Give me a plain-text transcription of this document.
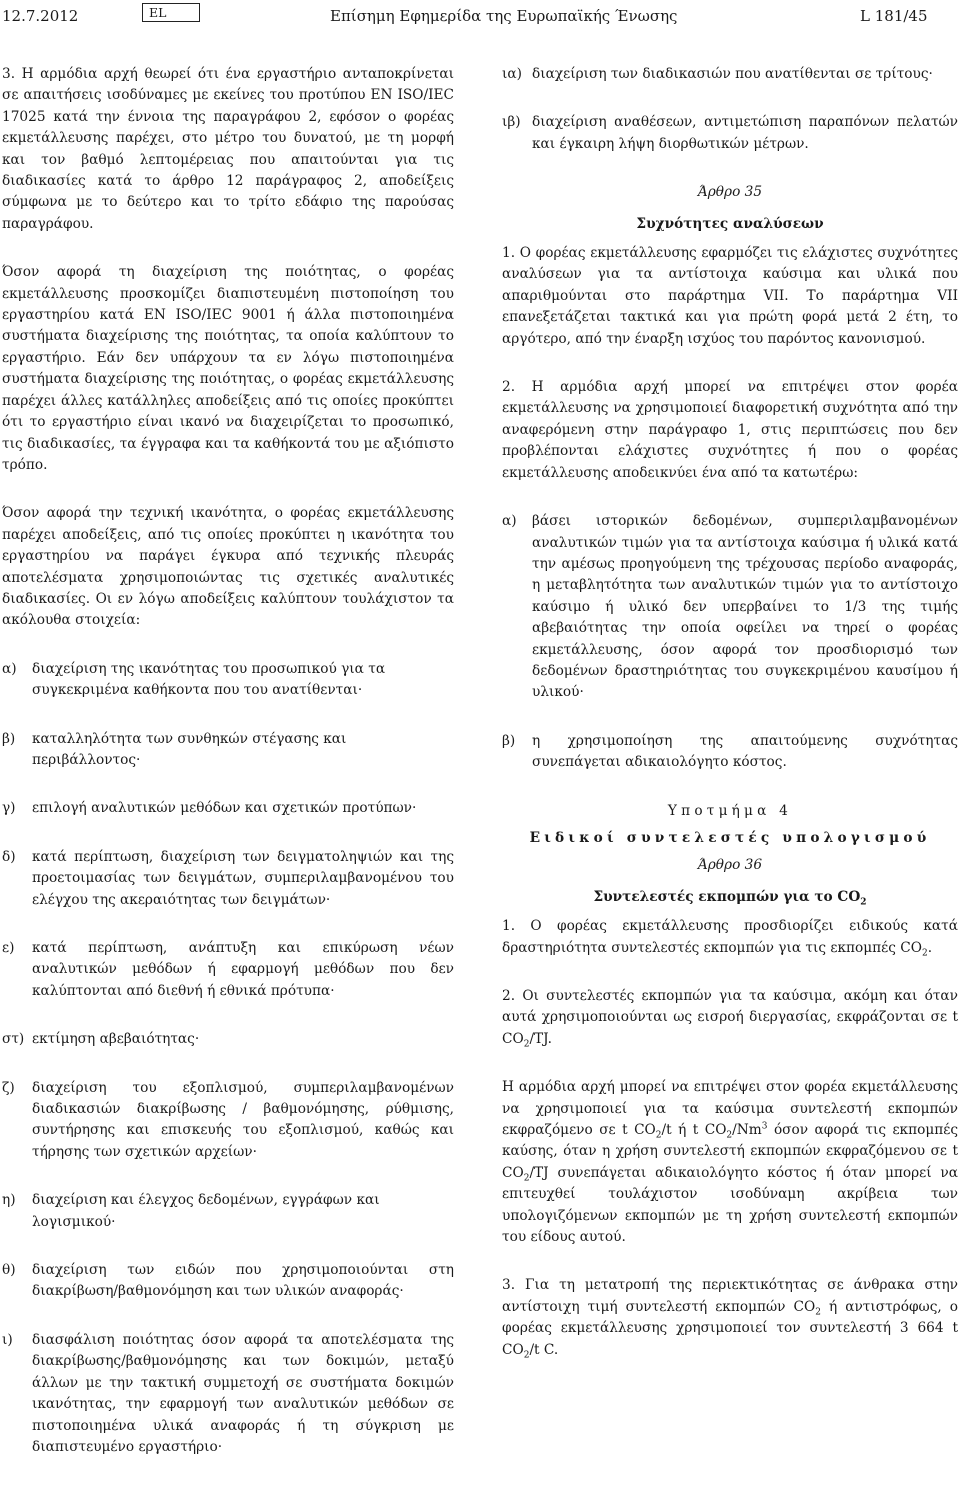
12.7.2012	EL	Επίσημη Εφημερίδα της Ευρωπαϊκής Ένωσης	L 181/45

3. Η αρμόδια αρχή θεωρεί ότι ένα εργαστήριο ανταποκρίνεται σε απαιτήσεις ισοδύναμες με εκείνες του προτύπου EN ISO/IEC 17025 κατά την έννοια της παραγράφου 2, εφόσον ο φορέας εκμετάλλευσης παρέχει, στο μέτρο του δυνατού, με τη μορφή και τον βαθμό λεπτομέρειας που απαιτούνται για τις διαδικασίες κατά το άρθρο 12 παράγραφος 2, αποδείξεις σύμφωνα με το δεύτερο και το τρίτο εδάφιο της παρούσας παραγράφου.

Όσον αφορά τη διαχείριση της ποιότητας, ο φορέας εκμετάλλευσης προσκομίζει διαπιστευμένη πιστοποίηση του εργαστηρίου κατά EN ISO/IEC 9001 ή άλλα πιστοποιημένα συστήματα διαχείρισης της ποιότητας, τα οποία καλύπτουν το εργαστήριο. Εάν δεν υπάρχουν τα εν λόγω πιστοποιημένα συστήματα διαχείρισης της ποιότητας, ο φορέας εκμετάλλευσης παρέχει άλλες κατάλληλες αποδείξεις από τις οποίες προκύπτει ότι το εργαστήριο είναι ικανό να διαχειρίζεται το προσωπικό, τις διαδικασίες, τα έγγραφα και τα καθήκοντά του με αξιόπιστο τρόπο.

Όσον αφορά την τεχνική ικανότητα, ο φορέας εκμετάλλευσης παρέχει αποδείξεις, από τις οποίες προκύπτει η ικανότητα του εργαστηρίου να παράγει έγκυρα από τεχνικής πλευράς αποτελέσματα χρησιμοποιώντας τις σχετικές αναλυτικές διαδικασίες. Οι εν λόγω αποδείξεις καλύπτουν τουλάχιστον τα ακόλουθα στοιχεία:

α)	διαχείριση της ικανότητας του προσωπικού για τα συγκεκριμένα καθήκοντα που του ανατίθενται·
β)	καταλληλότητα των συνθηκών στέγασης και περιβάλλοντος·
γ)	επιλογή αναλυτικών μεθόδων και σχετικών προτύπων·
δ)	κατά περίπτωση, διαχείριση των δειγματοληψιών και της προετοιμασίας των δειγμάτων, συμπεριλαμβανομένου του ελέγχου της ακεραιότητας των δειγμάτων·
ε)	κατά περίπτωση, ανάπτυξη και επικύρωση νέων αναλυτικών μεθόδων ή εφαρμογή μεθόδων που δεν καλύπτονται από διεθνή ή εθνικά πρότυπα·
στ) εκτίμηση αβεβαιότητας·
ζ)	διαχείριση του εξοπλισμού, συμπεριλαμβανομένων διαδικασιών διακρίβωσης / βαθμονόμησης, ρύθμισης, συντήρησης και επισκευής του εξοπλισμού, καθώς και τήρησης των σχετικών αρχείων·
η)	διαχείριση και έλεγχος δεδομένων, εγγράφων και λογισμικού·
θ)	διαχείριση των ειδών που χρησιμοποιούνται στη διακρίβωση/βαθμονόμηση και των υλικών αναφοράς·
ι)	διασφάλιση ποιότητας όσον αφορά τα αποτελέσματα της διακρίβωσης/βαθμονόμησης και των δοκιμών, μεταξύ άλλων με την τακτική συμμετοχή σε συστήματα δοκιμών ικανότητας, την εφαρμογή των αναλυτικών μεθόδων σε πιστοποιημένα υλικά αναφοράς ή τη σύγκριση με διαπιστευμένο εργαστήριο·
ια) διαχείριση των διαδικασιών που ανατίθενται σε τρίτους·
ιβ) διαχείριση αναθέσεων, αντιμετώπιση παραπόνων πελατών και έγκαιρη λήψη διορθωτικών μέτρων.

Άρθρο 35

Συχνότητες αναλύσεων

1. Ο φορέας εκμετάλλευσης εφαρμόζει τις ελάχιστες συχνότητες αναλύσεων για τα αντίστοιχα καύσιμα και υλικά που απαριθμούνται στο παράρτημα VII. Το παράρτημα VII επανεξετάζεται τακτικά και για πρώτη φορά μετά 2 έτη, το αργότερο, από την έναρξη ισχύος του παρόντος κανονισμού.

2. Η αρμόδια αρχή μπορεί να επιτρέψει στον φορέα εκμετάλλευσης να χρησιμοποιεί διαφορετική συχνότητα από την αναφερόμενη στην παράγραφο 1, στις περιπτώσεις που δεν προβλέπονται ελάχιστες συχνότητες ή που ο φορέας εκμετάλλευσης αποδεικνύει ένα από τα κατωτέρω:

α)	βάσει ιστορικών δεδομένων, συμπεριλαμβανομένων αναλυτικών τιμών για τα αντίστοιχα καύσιμα ή υλικά κατά την αμέσως προηγούμενη της τρέχουσας περίοδο αναφοράς, η μεταβλητότητα των αναλυτικών τιμών για το αντίστοιχο καύσιμο ή υλικό δεν υπερβαίνει το 1/3 της τιμής αβεβαιότητας την οποία οφείλει να τηρεί ο φορέας εκμετάλλευσης, όσον αφορά τον προσδιορισμό των δεδομένων δραστηριότητας του συγκεκριμένου καυσίμου ή υλικού·
β)	η χρησιμοποίηση της απαιτούμενης συχνότητας συνεπάγεται αδικαιολόγητο κόστος.

Υποτμήμα 4

Ειδικοί συντελεστές υπολογισμού

Άρθρο 36

Συντελεστές εκπομπών για το $CO_2$

1. Ο φορέας εκμετάλλευσης προσδιορίζει ειδικούς κατά δραστηριότητα συντελεστές εκπομπών για τις εκπομπές $CO_2$.

2. Οι συντελεστές εκπομπών για τα καύσιμα, ακόμη και όταν αυτά χρησιμοποιούνται ως εισροή διεργασίας, εκφράζονται σε t $CO_2/TJ$.

Η αρμόδια αρχή μπορεί να επιτρέψει στον φορέα εκμετάλλευσης να χρησιμοποιεί για τα καύσιμα συντελεστή εκπομπών εκφραζόμενο σε t $CO_2/t$ ή t $CO_2/Nm^3$ όσον αφορά τις εκπομπές καύσης, όταν η χρήση συντελεστή εκπομπών εκφραζόμενου σε t $CO_2/TJ$ συνεπάγεται αδικαιολόγητο κόστος ή όταν μπορεί να επιτευχθεί τουλάχιστον ισοδύναμη ακρίβεια των υπολογιζόμενων εκπομπών με τη χρήση συντελεστή εκπομπών του είδους αυτού.

3. Για τη μετατροπή της περιεκτικότητας σε άνθρακα στην αντίστοιχη τιμή συντελεστή εκπομπών $CO_2$ ή αντιστρόφως, ο φορέας εκμετάλλευσης χρησιμοποιεί τον συντελεστή 3 664 t $CO_2/t$ C.
